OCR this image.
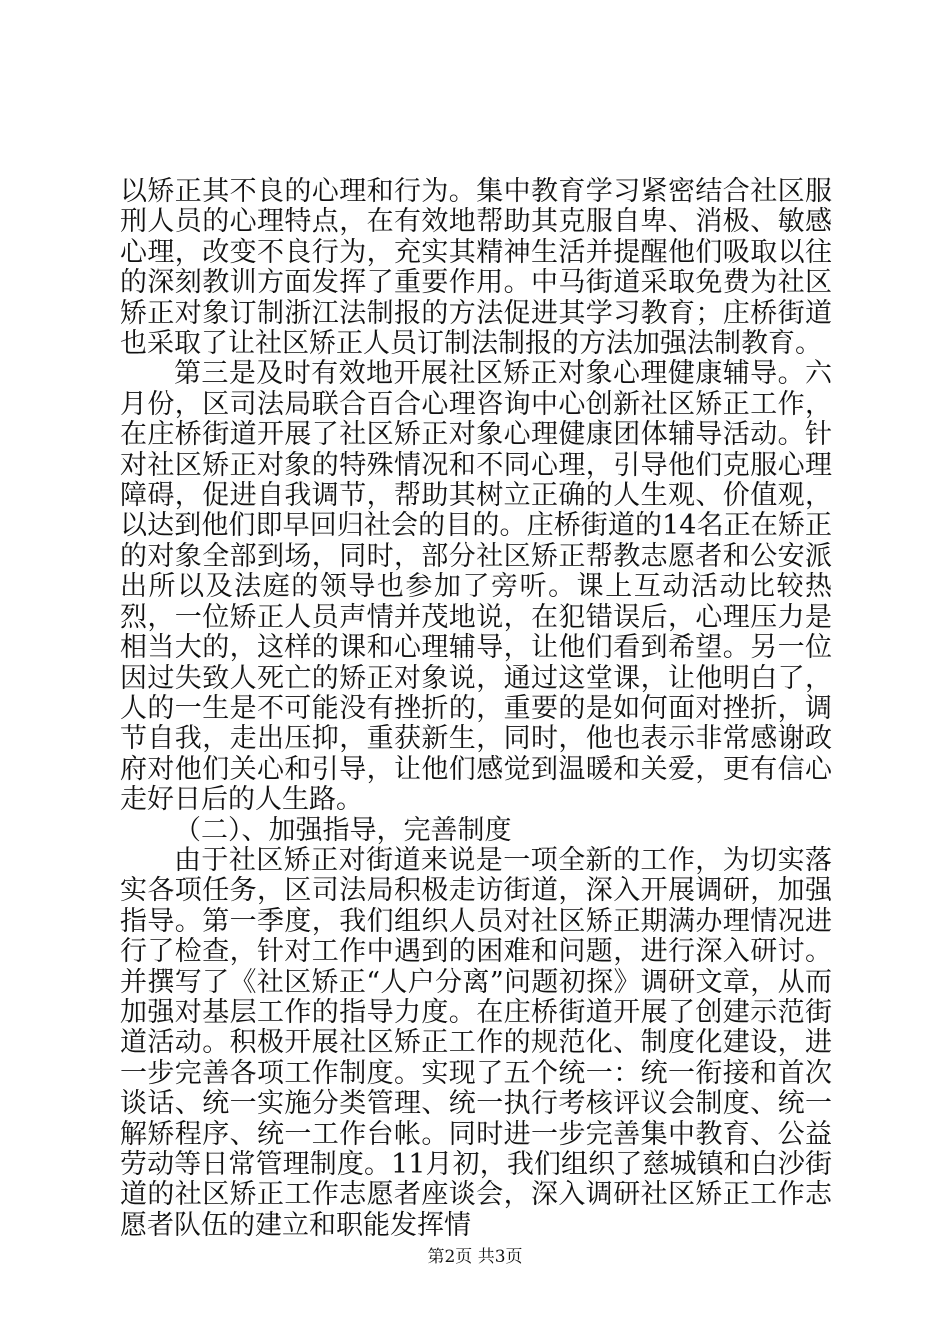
以矫正其不良的心理和行为。集中教育学习紧密结合社区服刑人员的心理特点，在有效地帮助其克服自卑、消极、敏感心理，改变不良行为，充实其精神生活并提醒他们吸取以往的深刻教训方面发挥了重要作用。中马街道采取免费为社区矫正对象订制浙江法制报的方法促进其学习教育；庄桥街道也采取了让社区矫正人员订制法制报的方法加强法制教育。

第三是及时有效地开展社区矫正对象心理健康辅导。六月份，区司法局联合百合心理咨询中心创新社区矫正工作，在庄桥街道开展了社区矫正对象心理健康团体辅导活动。针对社区矫正对象的特殊情况和不同心理，引导他们克服心理障碍，促进自我调节，帮助其树立正确的人生观、价值观，以达到他们即早回归社会的目的。庄桥街道的14名正在矫正的对象全部到场，同时，部分社区矫正帮教志愿者和公安派出所以及法庭的领导也参加了旁听。课上互动活动比较热烈，一位矫正人员声情并茂地说，在犯错误后，心理压力是相当大的，这样的课和心理辅导，让他们看到希望。另一位因过失致人死亡的矫正对象说，通过这堂课，让他明白了，人的一生是不可能没有挫折的，重要的是如何面对挫折，调节自我，走出压抑，重获新生，同时，他也表示非常感谢政府对他们关心和引导，让他们感觉到温暖和关爱，更有信心走好日后的人生路。

（二）、加强指导，完善制度

由于社区矫正对街道来说是一项全新的工作，为切实落实各项任务，区司法局积极走访街道，深入开展调研，加强指导。第一季度，我们组织人员对社区矫正期满办理情况进行了检查，针对工作中遇到的困难和问题，进行深入研讨。并撰写了《社区矫正“人户分离”问题初探》调研文章，从而加强对基层工作的指导力度。在庄桥街道开展了创建示范街道活动。积极开展社区矫正工作的规范化、制度化建设，进一步完善各项工作制度。实现了五个统一：统一衔接和首次谈话、统一实施分类管理、统一执行考核评议会制度、统一解矫程序、统一工作台帐。同时进一步完善集中教育、公益劳动等日常管理制度。11月初，我们组织了慈城镇和白沙街道的社区矫正工作志愿者座谈会，深入调研社区矫正工作志愿者队伍的建立和职能发挥情

第2页 共3页
